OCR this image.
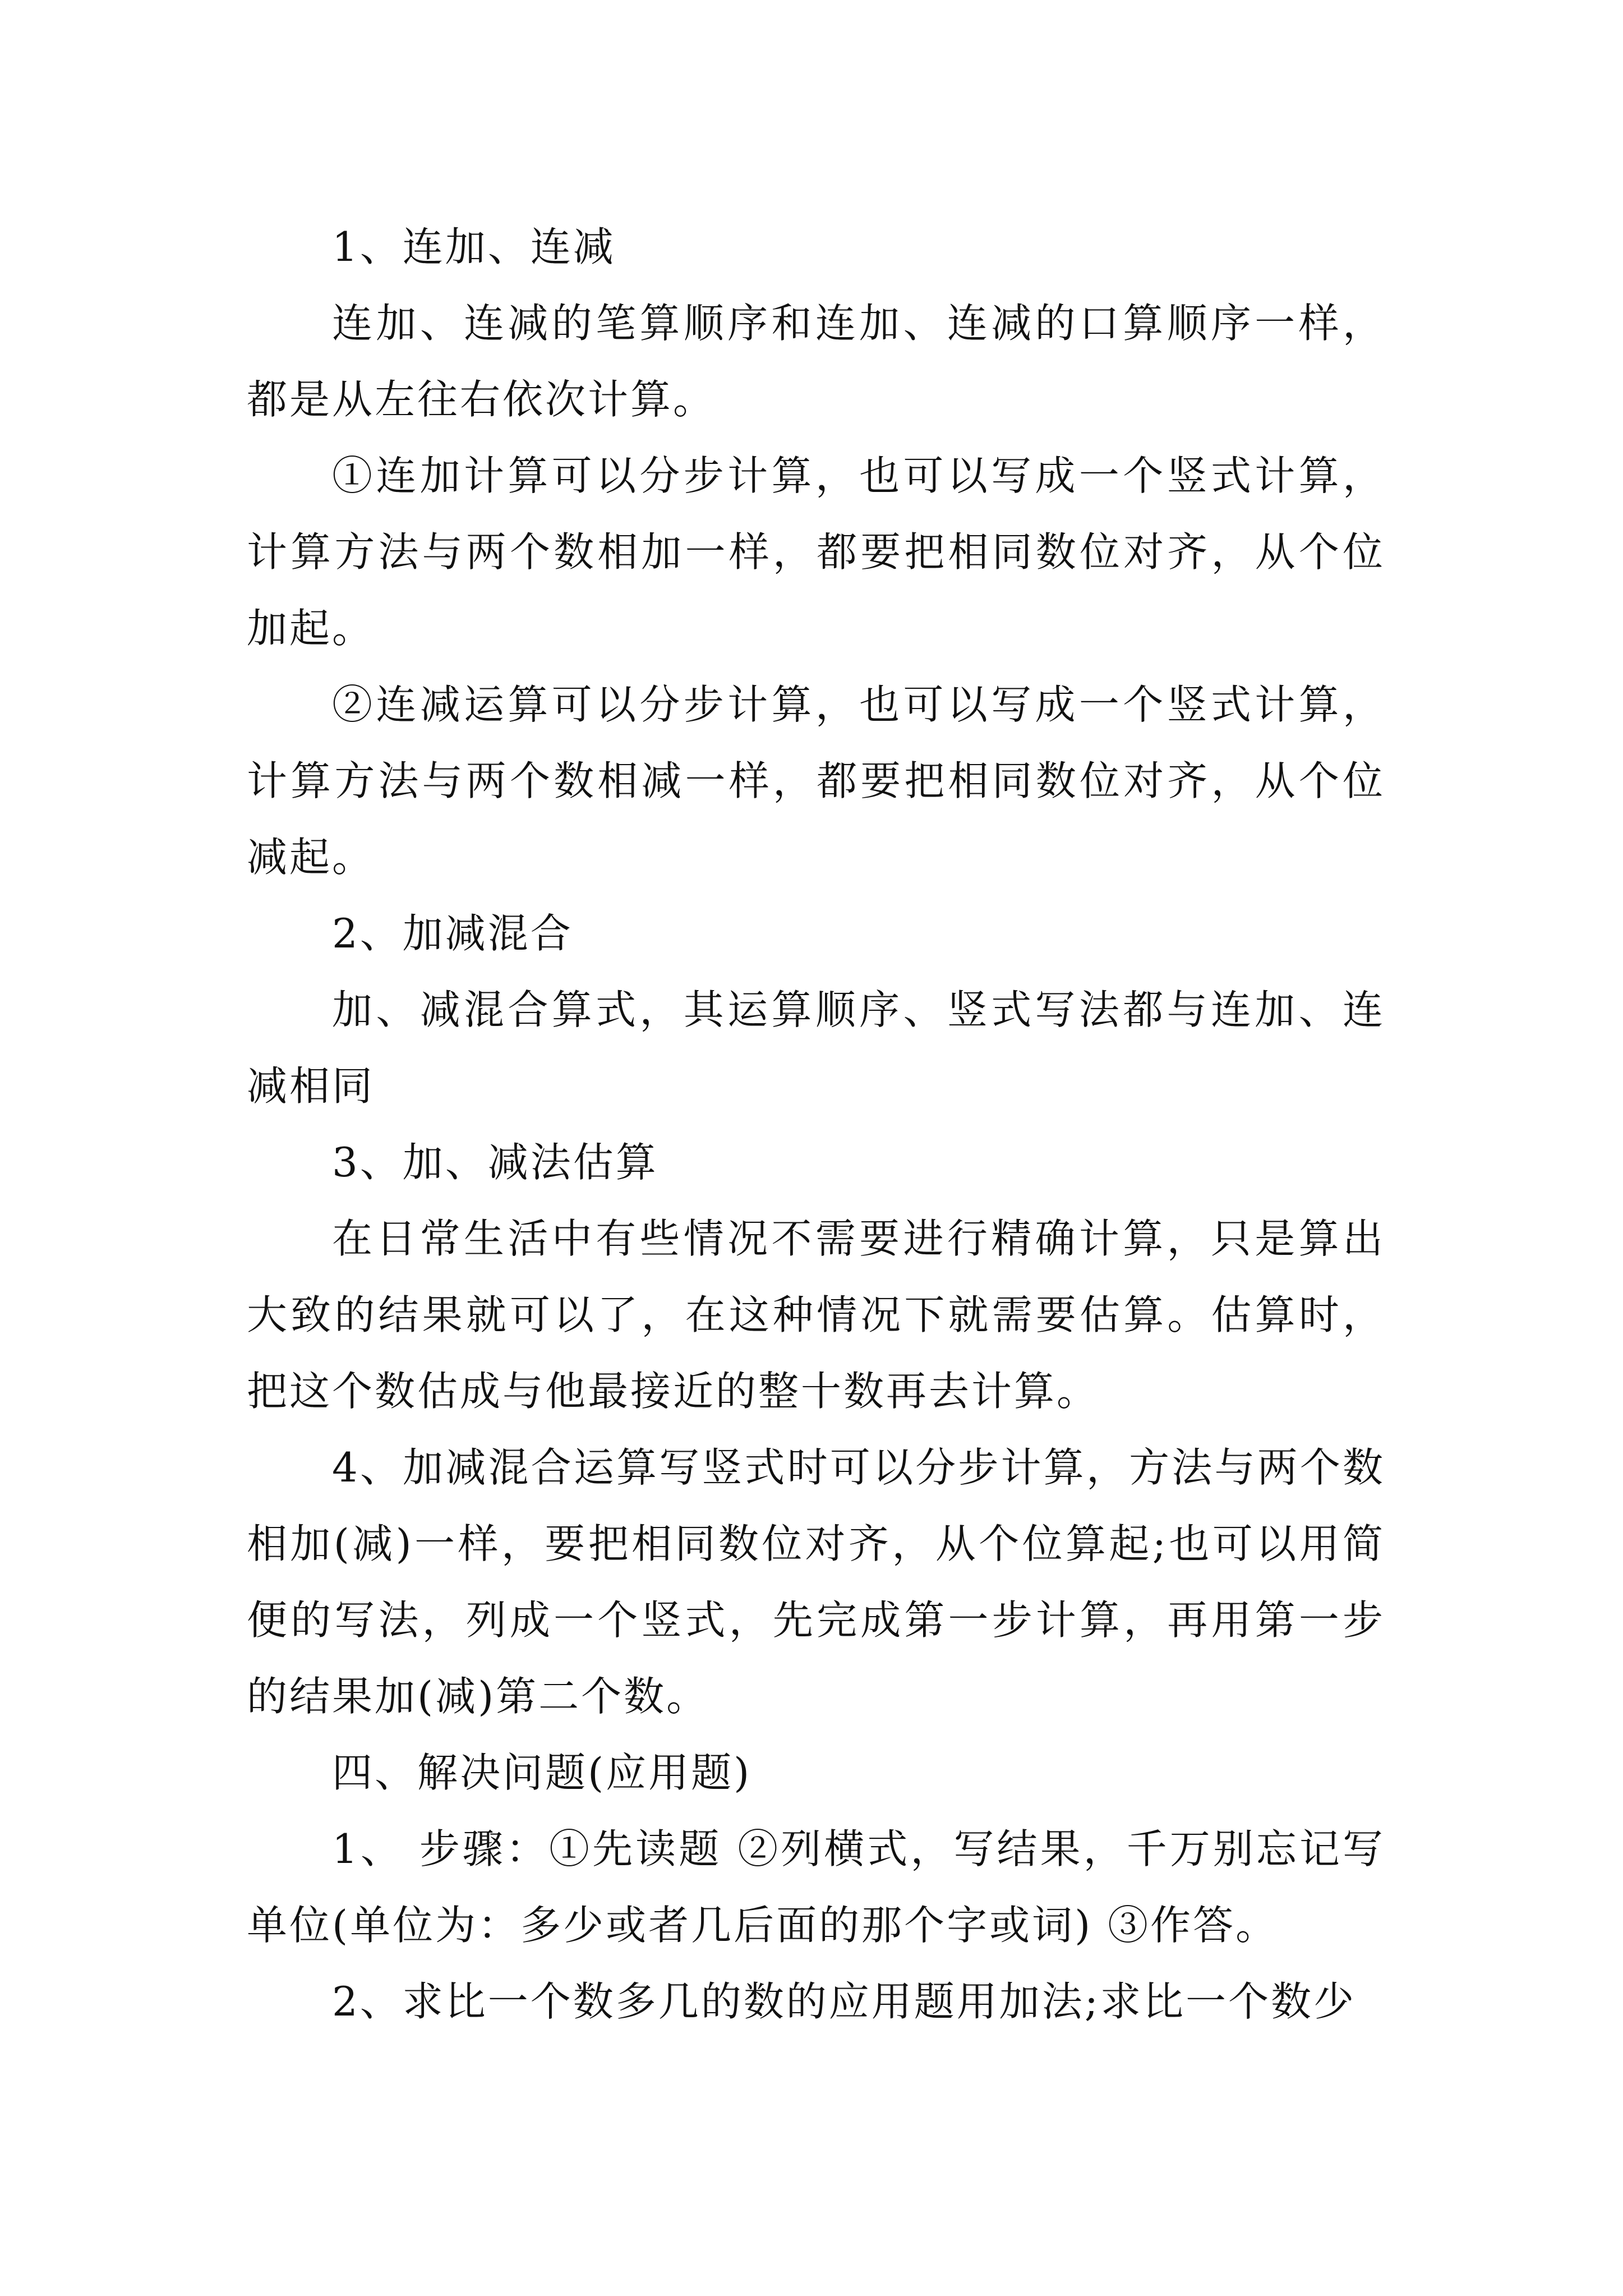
1、连加、连减

连加、连减的笔算顺序和连加、连减的口算顺序一样，都是从左往右依次计算。

①连加计算可以分步计算，也可以写成一个竖式计算，计算方法与两个数相加一样，都要把相同数位对齐，从个位加起。

②连减运算可以分步计算，也可以写成一个竖式计算，计算方法与两个数相减一样，都要把相同数位对齐，从个位减起。

2、加减混合

加、减混合算式，其运算顺序、竖式写法都与连加、连减相同

3、加、减法估算

在日常生活中有些情况不需要进行精确计算，只是算出大致的结果就可以了，在这种情况下就需要估算。估算时，把这个数估成与他最接近的整十数再去计算。

4、加减混合运算写竖式时可以分步计算，方法与两个数相加(减)一样，要把相同数位对齐，从个位算起;也可以用简便的写法，列成一个竖式，先完成第一步计算，再用第一步的结果加(减)第二个数。

四、解决问题(应用题)

1、 步骤：①先读题 ②列横式，写结果，千万别忘记写单位(单位为：多少或者几后面的那个字或词) ③作答。

2、求比一个数多几的数的应用题用加法;求比一个数少
